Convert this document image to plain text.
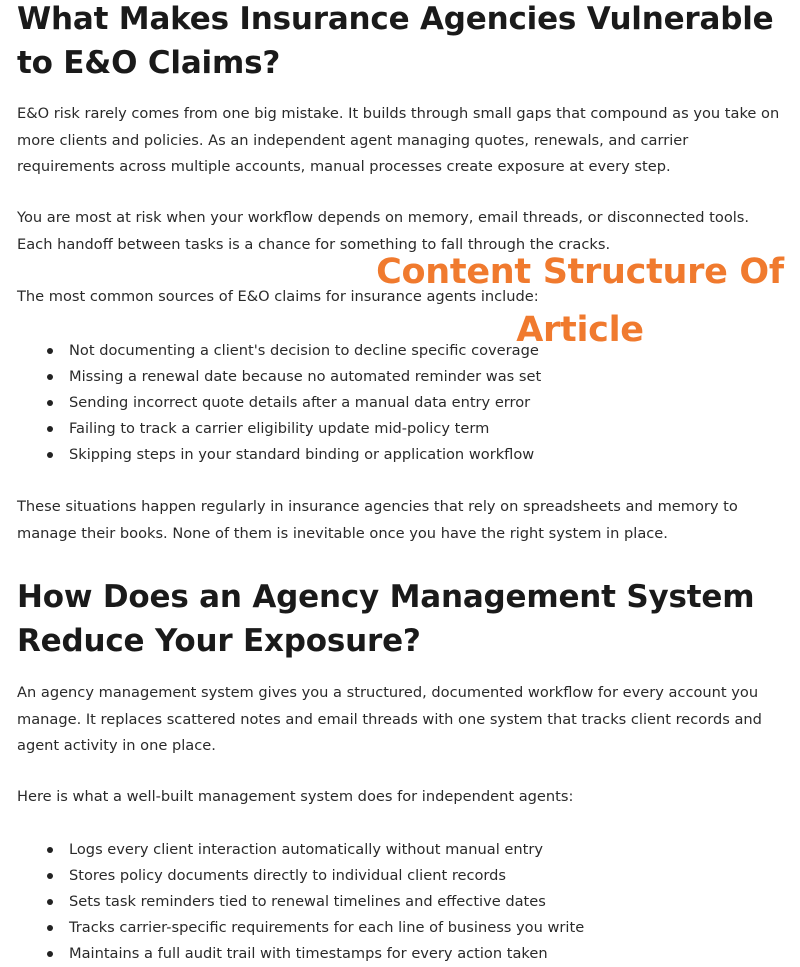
What Makes Insurance Agencies Vulnerable to E&O Claims?

E&O risk rarely comes from one big mistake. It builds through small gaps that compound as you take on more clients and policies. As an independent agent managing quotes, renewals, and carrier requirements across multiple accounts, manual processes create exposure at every step.

You are most at risk when your workflow depends on memory, email threads, or disconnected tools. Each handoff between tasks is a chance for something to fall through the cracks.

The most common sources of E&O claims for insurance agents include:

Not documenting a client's decision to decline specific coverage
Missing a renewal date because no automated reminder was set
Sending incorrect quote details after a manual data entry error
Failing to track a carrier eligibility update mid-policy term
Skipping steps in your standard binding or application workflow

These situations happen regularly in insurance agencies that rely on spreadsheets and memory to manage their books. None of them is inevitable once you have the right system in place.

How Does an Agency Management System Reduce Your Exposure?

An agency management system gives you a structured, documented workflow for every account you manage. It replaces scattered notes and email threads with one system that tracks client records and agent activity in one place.

Here is what a well-built management system does for independent agents:

Logs every client interaction automatically without manual entry
Stores policy documents directly to individual client records
Sets task reminders tied to renewal timelines and effective dates
Tracks carrier-specific requirements for each line of business you write
Maintains a full audit trail with timestamps for every action taken
Content Structure Of
Article
